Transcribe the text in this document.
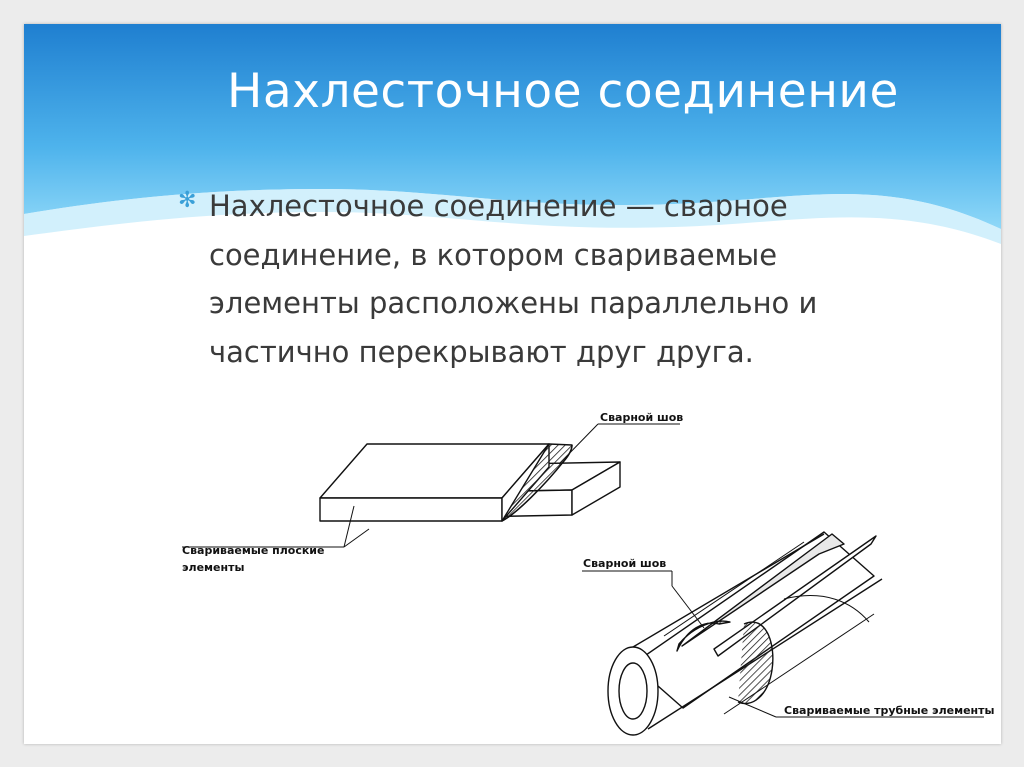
Нахлесточное соединение
✻ Нахлесточное соединение — сварное соединение, в котором свариваемые элементы расположены параллельно и частично перекрывают друг друга.
Сварной шов
Свариваемые плоские
элементы	Сварной шов
Свариваемые трубные элементы
